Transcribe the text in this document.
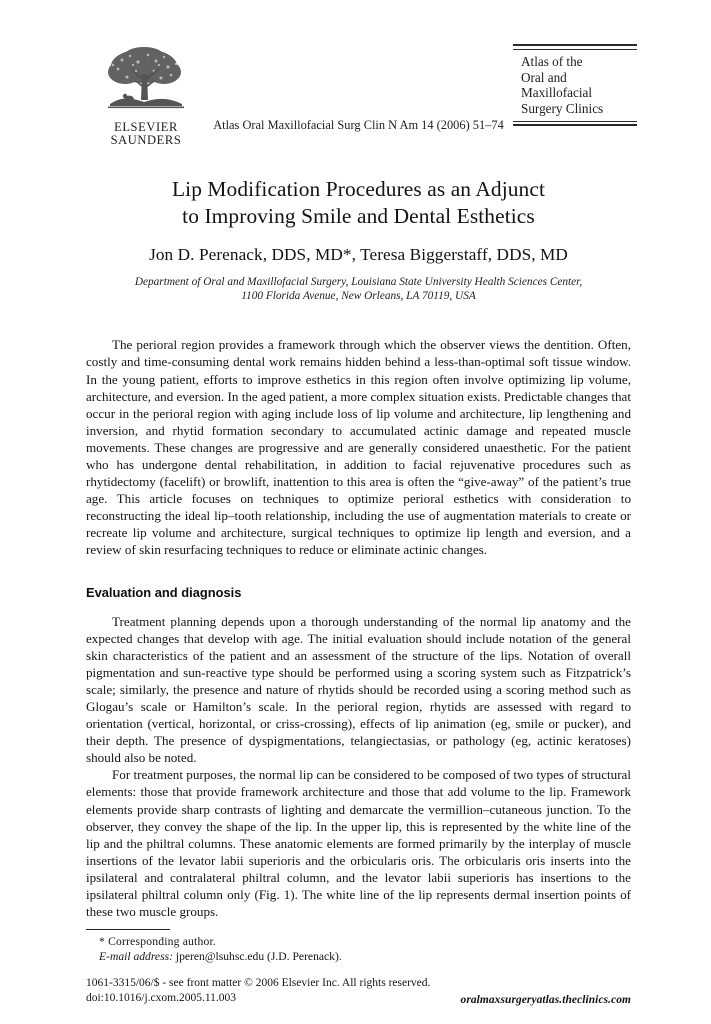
ELSEVIER
SAUNDERS
Atlas of the
Oral and
Maxillofacial
Surgery Clinics
Atlas Oral Maxillofacial Surg Clin N Am 14 (2006) 51–74
Lip Modification Procedures as an Adjunct
to Improving Smile and Dental Esthetics
Jon D. Perenack, DDS, MD*, Teresa Biggerstaff, DDS, MD
Department of Oral and Maxillofacial Surgery, Louisiana State University Health Sciences Center,
1100 Florida Avenue, New Orleans, LA 70119, USA

The perioral region provides a framework through which the observer views the dentition. Often, costly and time-consuming dental work remains hidden behind a less-than-optimal soft tissue window. In the young patient, efforts to improve esthetics in this region often involve optimizing lip volume, architecture, and eversion. In the aged patient, a more complex situation exists. Predictable changes that occur in the perioral region with aging include loss of lip volume and architecture, lip lengthening and inversion, and rhytid formation secondary to accumulated actinic damage and repeated muscle movements. These changes are progressive and are generally considered unaesthetic. For the patient who has undergone dental rehabilitation, in addition to facial rejuvenative procedures such as rhytidectomy (facelift) or browlift, inattention to this area is often the “give-away” of the patient’s true age. This article focuses on techniques to optimize perioral esthetics with consideration to reconstructing the ideal lip–tooth relationship, including the use of augmentation materials to create or recreate lip volume and architecture, surgical techniques to optimize lip length and eversion, and a review of skin resurfacing techniques to reduce or eliminate actinic changes.

Evaluation and diagnosis

Treatment planning depends upon a thorough understanding of the normal lip anatomy and the expected changes that develop with age. The initial evaluation should include notation of the general skin characteristics of the patient and an assessment of the structure of the lips. Notation of overall pigmentation and sun-reactive type should be performed using a scoring system such as Fitzpatrick’s scale; similarly, the presence and nature of rhytids should be recorded using a scoring method such as Glogau’s scale or Hamilton’s scale. In the perioral region, rhytids are assessed with regard to orientation (vertical, horizontal, or criss-crossing), effects of lip animation (eg, smile or pucker), and their depth. The presence of dyspigmentations, telangiectasias, or pathology (eg, actinic keratoses) should also be noted.

For treatment purposes, the normal lip can be considered to be composed of two types of structural elements: those that provide framework architecture and those that add volume to the lip. Framework elements provide sharp contrasts of lighting and demarcate the vermillion–cutaneous junction. To the observer, they convey the shape of the lip. In the upper lip, this is represented by the white line of the lip and the philtral columns. These anatomic elements are formed primarily by the interplay of muscle insertions of the levator labii superioris and the orbicularis oris. The orbicularis oris inserts into the ipsilateral and contralateral philtral column, and the levator labii superioris has insertions to the ipsilateral philtral column only (Fig. 1). The white line of the lip represents dermal insertion points of these two muscle groups.

* Corresponding author.
E-mail address: jperen@lsuhsc.edu (J.D. Perenack).
1061-3315/06/$ - see front matter © 2006 Elsevier Inc. All rights reserved.
doi:10.1016/j.cxom.2005.11.003	oralmaxsurgeryatlas.theclinics.com
